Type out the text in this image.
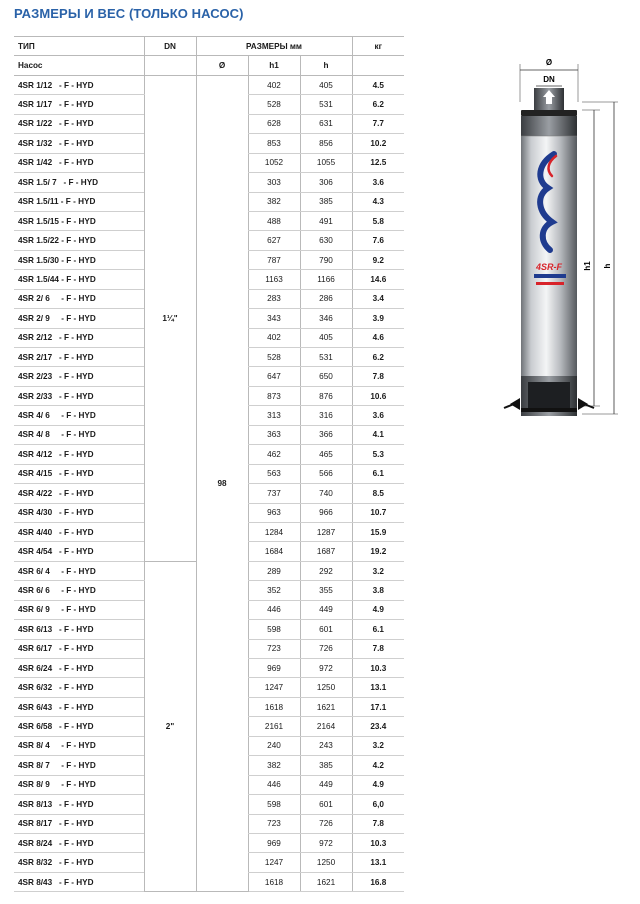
РАЗМЕРЫ И ВЕС (ТОЛЬКО НАСОС)
ТИП	DN	РАЗМЕРЫ мм			кг
Насос		Ø	h1	h	
4SR 1/12   - F - HYD	1¼"	98	402	405	4.5
4SR 1/17   - F - HYD			528	531	6.2
4SR 1/22   - F - HYD			628	631	7.7
4SR 1/32   - F - HYD			853	856	10.2
4SR 1/42   - F - HYD			1052	1055	12.5
4SR 1.5/ 7   - F - HYD			303	306	3.6
4SR 1.5/11 - F - HYD			382	385	4.3
4SR 1.5/15 - F - HYD			488	491	5.8
4SR 1.5/22 - F - HYD			627	630	7.6
4SR 1.5/30 - F - HYD			787	790	9.2
4SR 1.5/44 - F - HYD			1163	1166	14.6
4SR 2/ 6     - F - HYD			283	286	3.4
4SR 2/ 9     - F - HYD			343	346	3.9
4SR 2/12   - F - HYD			402	405	4.6
4SR 2/17   - F - HYD			528	531	6.2
4SR 2/23   - F - HYD			647	650	7.8
4SR 2/33   - F - HYD			873	876	10.6
4SR 4/ 6     - F - HYD			313	316	3.6
4SR 4/ 8     - F - HYD			363	366	4.1
4SR 4/12   - F - HYD			462	465	5.3
4SR 4/15   - F - HYD			563	566	6.1
4SR 4/22   - F - HYD			737	740	8.5
4SR 4/30   - F - HYD			963	966	10.7
4SR 4/40   - F - HYD			1284	1287	15.9
4SR 4/54   - F - HYD			1684	1687	19.2
4SR 6/ 4     - F - HYD	2"		289	292	3.2
4SR 6/ 6     - F - HYD			352	355	3.8
4SR 6/ 9     - F - HYD			446	449	4.9
4SR 6/13   - F - HYD			598	601	6.1
4SR 6/17   - F - HYD			723	726	7.8
4SR 6/24   - F - HYD			969	972	10.3
4SR 6/32   - F - HYD			1247	1250	13.1
4SR 6/43   - F - HYD			1618	1621	17.1
4SR 6/58   - F - HYD			2161	2164	23.4
4SR 8/ 4     - F - HYD			240	243	3.2
4SR 8/ 7     - F - HYD			382	385	4.2
4SR 8/ 9     - F - HYD			446	449	4.9
4SR 8/13   - F - HYD			598	601	6,0
4SR 8/17   - F - HYD			723	726	7.8
4SR 8/24   - F - HYD			969	972	10.3
4SR 8/32   - F - HYD			1247	1250	13.1
4SR 8/43   - F - HYD			1618	1621	16.8
Ø
DN
4SR-F	h1 h
